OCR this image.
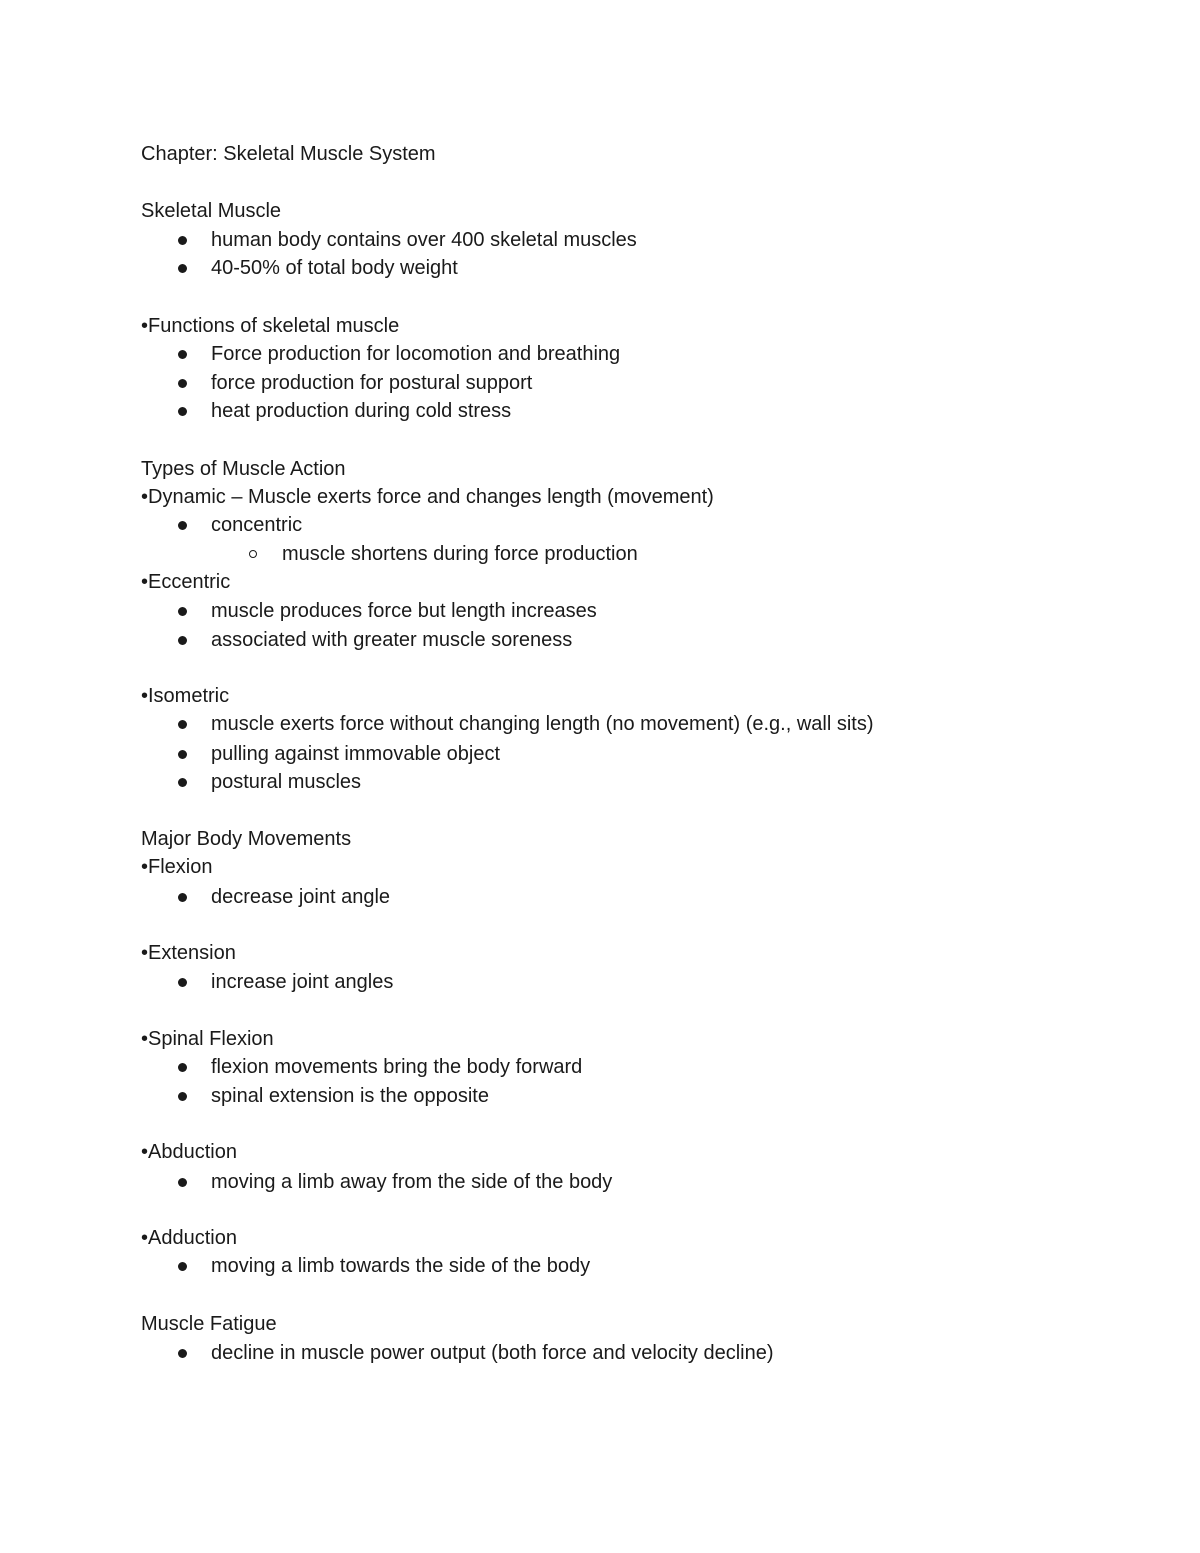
Chapter: Skeletal Muscle System
Skeletal Muscle
human body contains over 400 skeletal muscles
40-50% of total body weight
•Functions of skeletal muscle
Force production for locomotion and breathing
force production for postural support
heat production during cold stress
Types of Muscle Action
•Dynamic – Muscle exerts force and changes length (movement)
concentric
muscle shortens during force production
•Eccentric
muscle produces force but length increases
associated with greater muscle soreness
•Isometric
muscle exerts force without changing length (no movement) (e.g., wall sits)
pulling against immovable object
postural muscles
Major Body Movements
•Flexion
decrease joint angle
•Extension
increase joint angles
•Spinal Flexion
flexion movements bring the body forward
spinal extension is the opposite
•Abduction
moving a limb away from the side of the body
•Adduction
moving a limb towards the side of the body
Muscle Fatigue
decline in muscle power output (both force and velocity decline)
